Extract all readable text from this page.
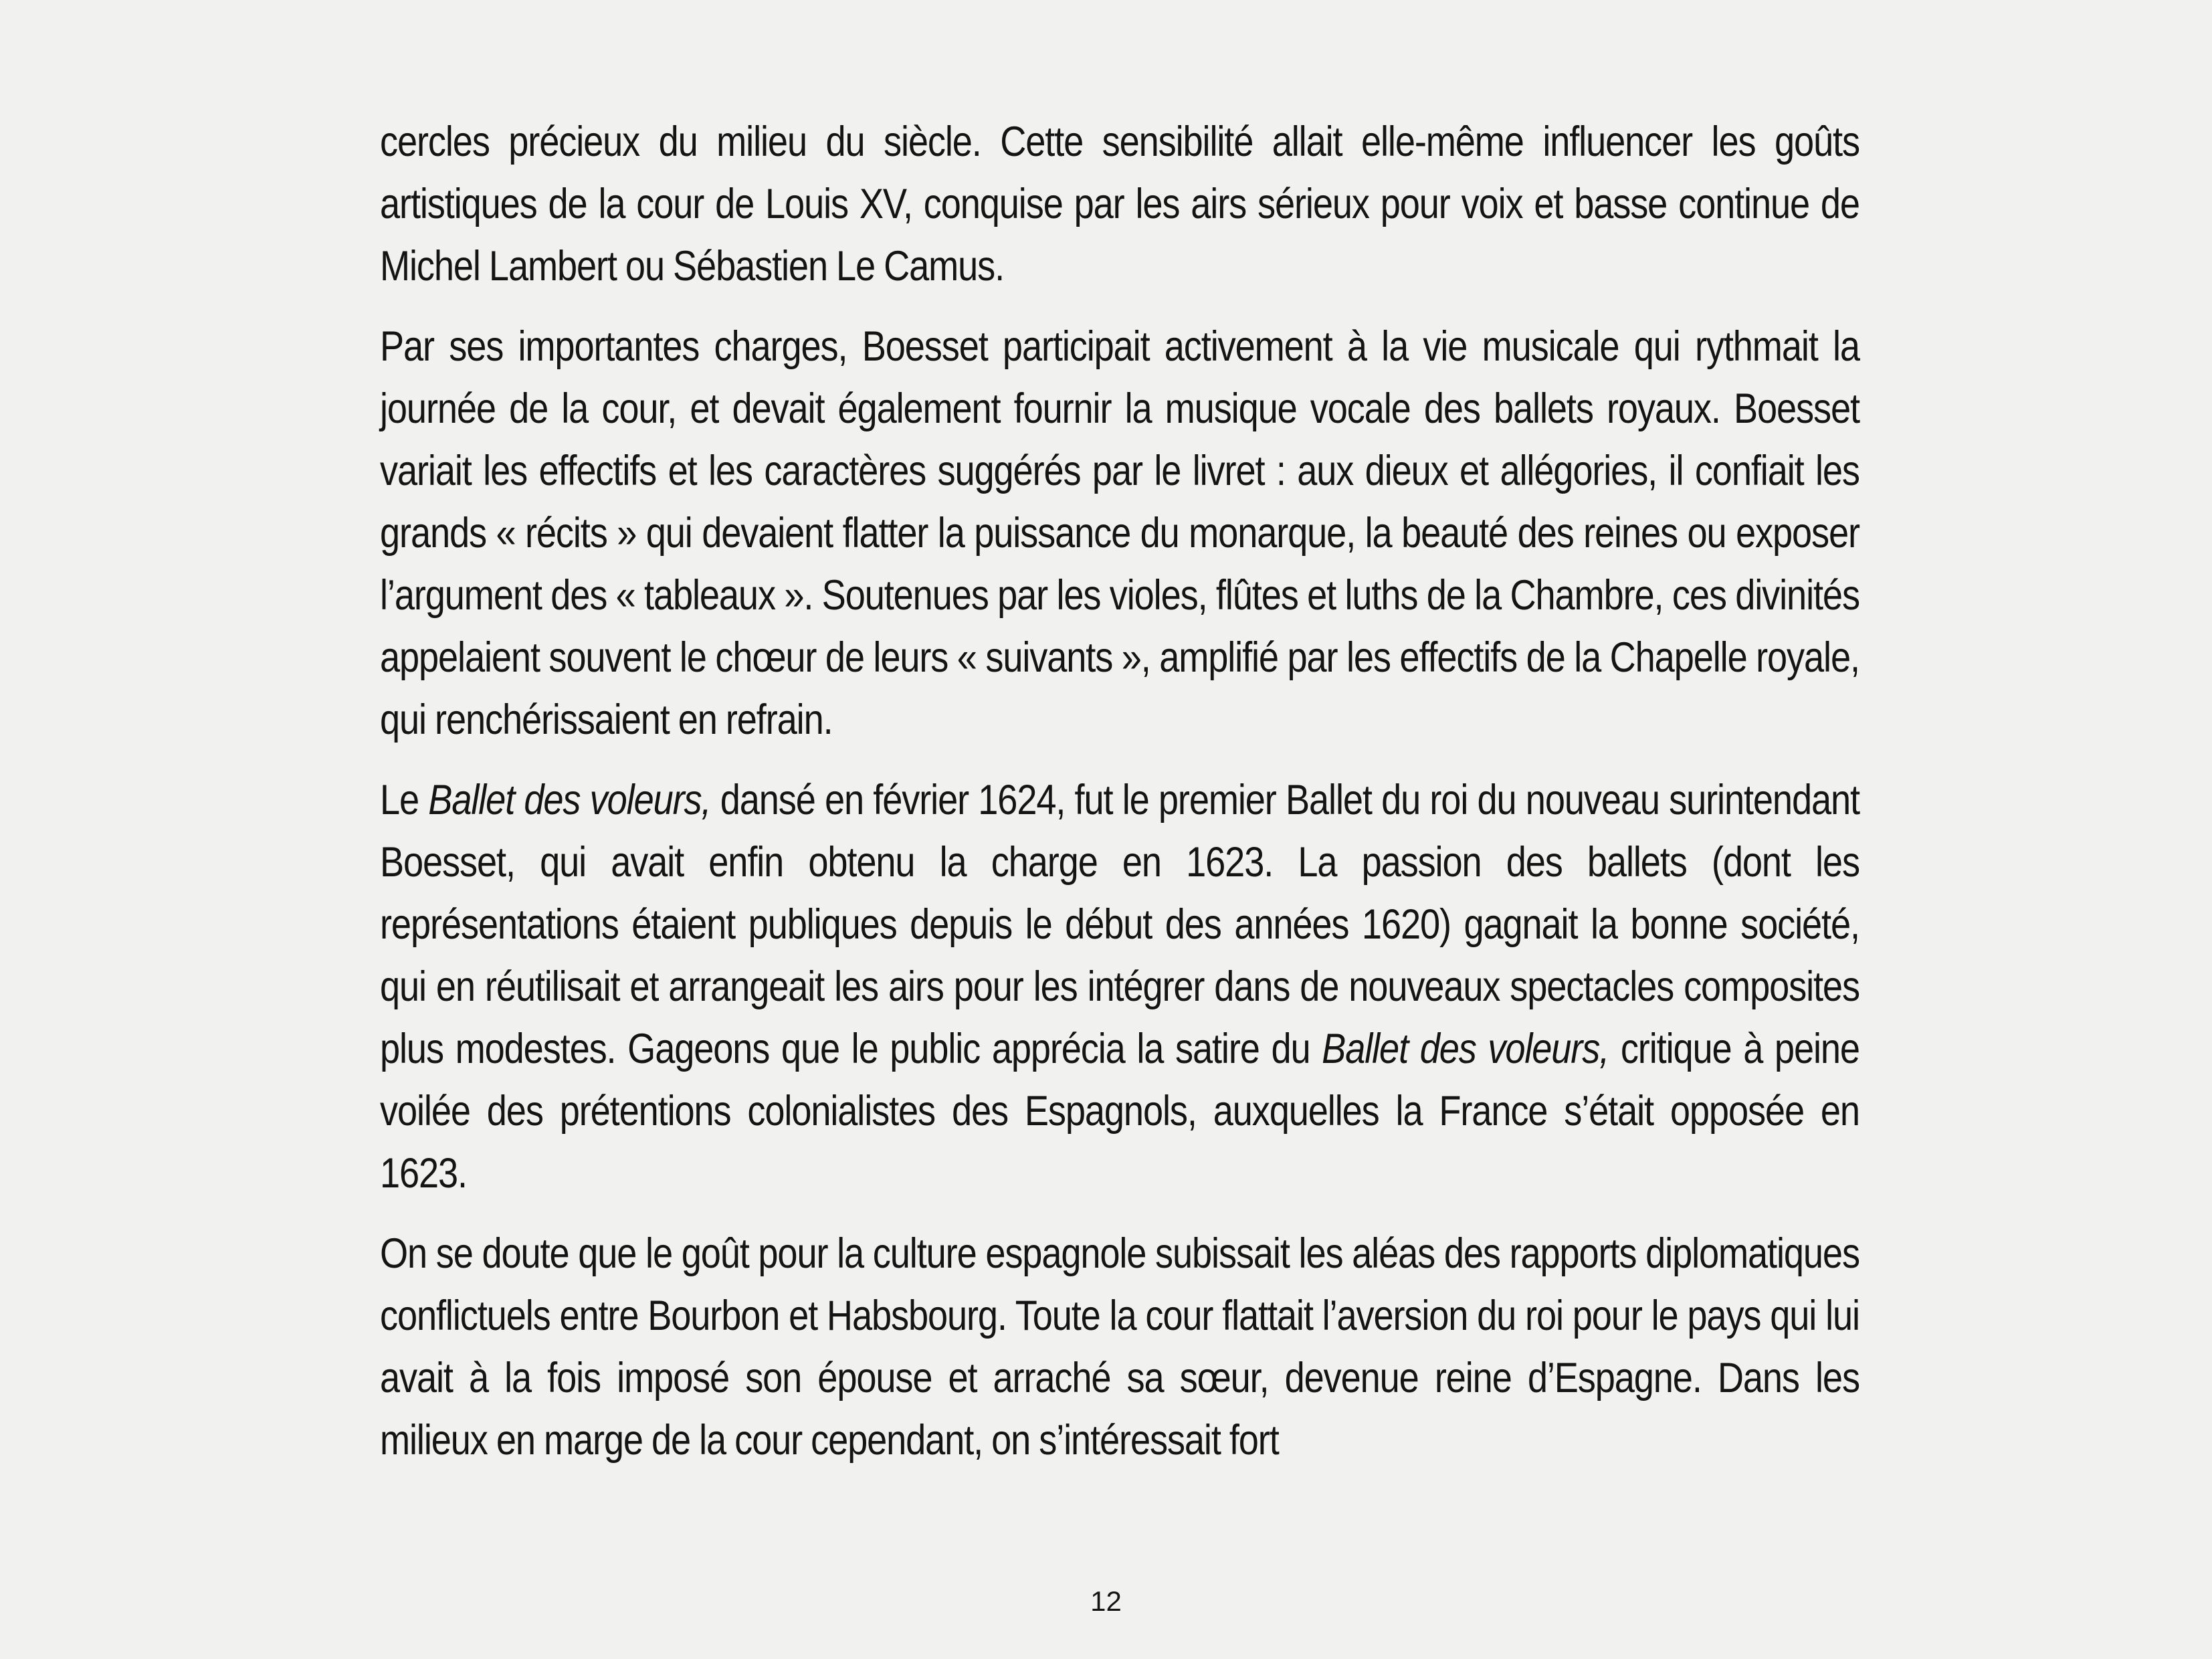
cercles précieux du milieu du siècle. Cette sensibilité allait elle-même influencer les goûts artistiques de la cour de Louis XV, conquise par les airs sérieux pour voix et basse continue de Michel Lambert ou Sébastien Le Camus.

Par ses importantes charges, Boesset participait activement à la vie musicale qui rythmait la journée de la cour, et devait également fournir la musique vocale des ballets royaux. Boesset variait les effectifs et les caractères suggérés par le livret : aux dieux et allégories, il confiait les grands « récits » qui devaient flatter la puissance du monarque, la beauté des reines ou exposer l’argument des « tableaux ». Soutenues par les violes, flûtes et luths de la Chambre, ces divinités appelaient souvent le chœur de leurs « suivants », amplifié par les effectifs de la Chapelle royale, qui renchérissaient en refrain.

Le Ballet des voleurs, dansé en février 1624, fut le premier Ballet du roi du nouveau surintendant Boesset, qui avait enfin obtenu la charge en 1623. La passion des ballets (dont les représentations étaient publiques depuis le début des années 1620) gagnait la bonne société, qui en réutilisait et arrangeait les airs pour les intégrer dans de nouveaux spectacles composites plus modestes. Gageons que le public apprécia la satire du Ballet des voleurs, critique à peine voilée des prétentions colonialistes des Espagnols, auxquelles la France s’était opposée en 1623.

On se doute que le goût pour la culture espagnole subissait les aléas des rapports diplomatiques conflictuels entre Bourbon et Habsbourg. Toute la cour flattait l’aversion du roi pour le pays qui lui avait à la fois imposé son épouse et arraché sa sœur, devenue reine d’Espagne. Dans les milieux en marge de la cour cependant, on s’intéressait fort

12
